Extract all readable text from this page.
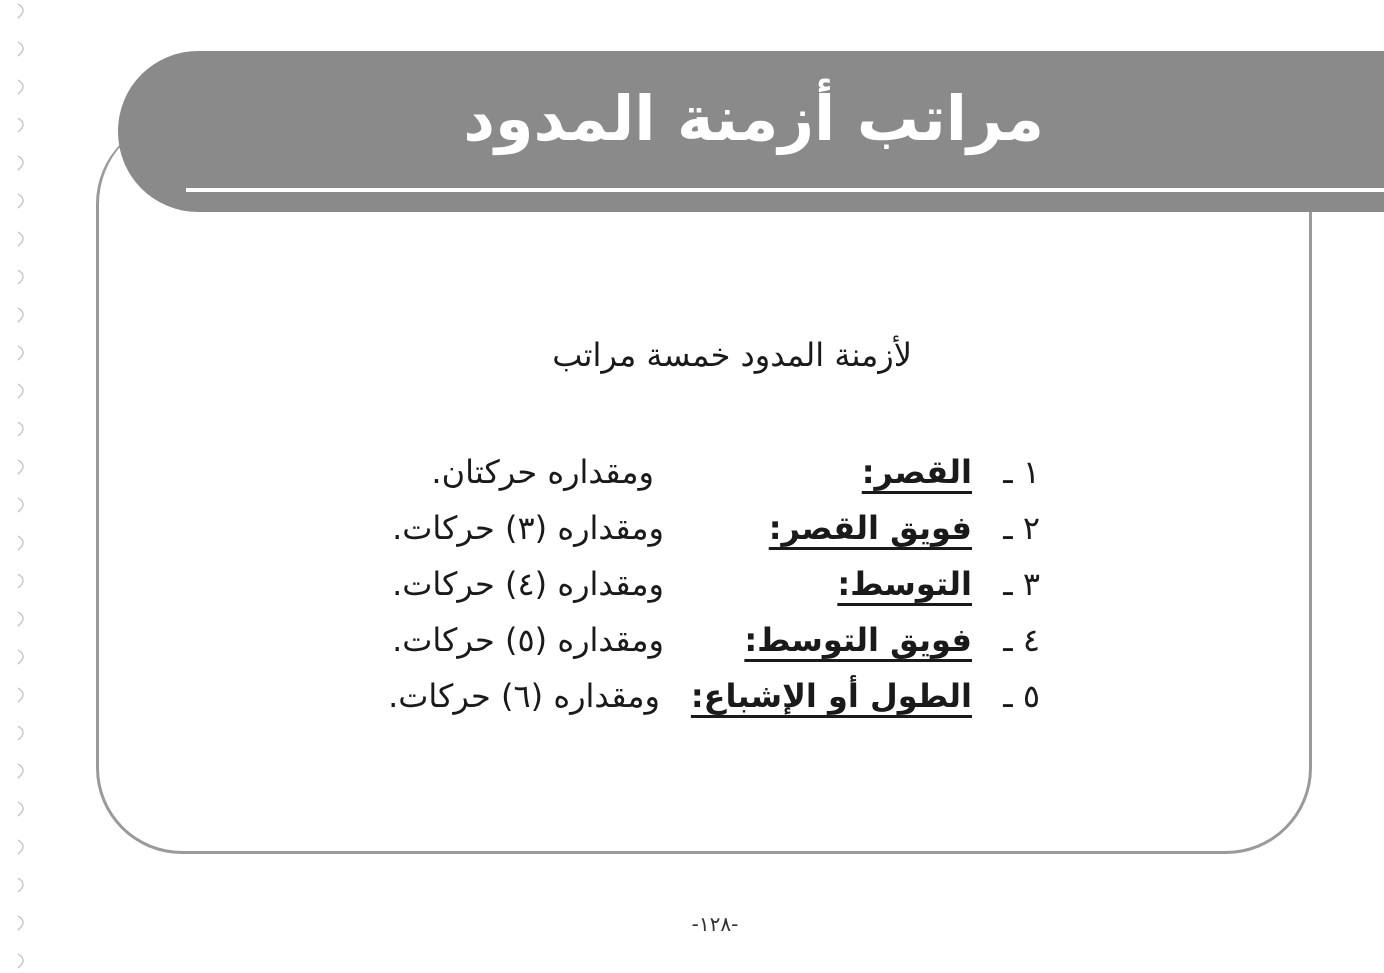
مراتب أزمنة المدود
لأزمنة المدود خمسة مراتب
١ ـ
القصر:
ومقداره حركتان.
٢ ـ
فويق القصر:
ومقداره (٣) حركات.
٣ ـ
التوسط:
ومقداره (٤) حركات.
٤ ـ
فويق التوسط:
ومقداره (٥) حركات.
٥ ـ
الطول أو الإشباع:
ومقداره (٦) حركات.
-١٢٨-
